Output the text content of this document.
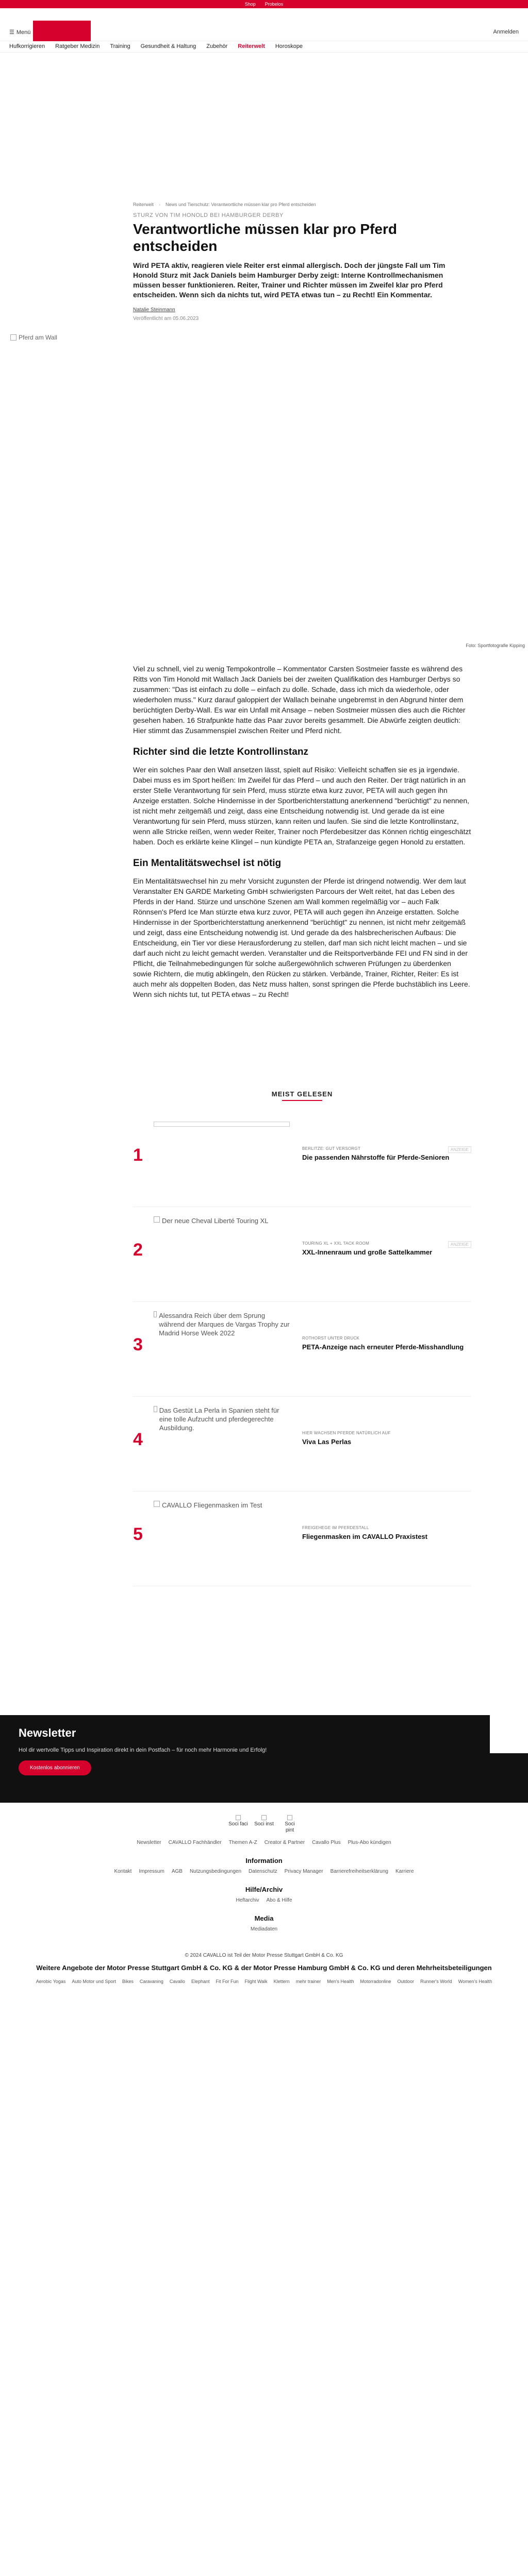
Shop Probelos
☰ Menü	Anmelden
Hufkorrigieren	Ratgeber Medizin	Training	Gesundheit & Haltung	Zubehör	Reiterwelt	Horoskope
Reiterwelt › News und Tierschutz: Verantwortliche müssen klar pro Pferd entscheiden
STURZ VON TIM HONOLD BEI HAMBURGER DERBY
Verantwortliche müssen klar pro Pferd entscheiden

Wird PETA aktiv, reagieren viele Reiter erst einmal allergisch. Doch der jüngste Fall um Tim Honold Sturz mit Jack Daniels beim Hamburger Derby zeigt: Interne Kontrollmechanismen müssen besser funktionieren. Reiter, Trainer und Richter müssen im Zweifel klar pro Pferd entscheiden. Wenn sich da nichts tut, wird PETA etwas tun – zu Recht! Ein Kommentar.

Natalie Steinmann
Veröffentlicht am 05.06.2023
Pferd am Wall
Foto: Sportfotografie Kipping

Viel zu schnell, viel zu wenig Tempokontrolle – Kommentator Carsten Sostmeier fasste es während des Ritts von Tim Honold mit Wallach Jack Daniels bei der zweiten Qualifikation des Hamburger Derbys so zusammen: "Das ist einfach zu dolle – einfach zu dolle. Schade, dass ich mich da wiederhole, oder wiederholen muss." Kurz darauf galoppiert der Wallach beinahe ungebremst in den Abgrund hinter dem berüchtigten Derby-Wall. Es war ein Unfall mit Ansage – neben Sostmeier müssen dies auch die Richter gesehen haben. 16 Strafpunkte hatte das Paar zuvor bereits gesammelt. Die Abwürfe zeigten deutlich: Hier stimmt das Zusammenspiel zwischen Reiter und Pferd nicht.

Richter sind die letzte Kontrollinstanz

Wer ein solches Paar den Wall ansetzen lässt, spielt auf Risiko: Vielleicht schaffen sie es ja irgendwie. Dabei muss es im Sport heißen: Im Zweifel für das Pferd – und auch den Reiter. Der trägt natürlich in an erster Stelle Verantwortung für sein Pferd, muss stürzte etwa kurz zuvor, PETA will auch gegen ihn Anzeige erstatten. Solche Hindernisse in der Sportberichterstattung anerkennend "berüchtigt" zu nennen, ist nicht mehr zeitgemäß und zeigt, dass eine Entscheidung notwendig ist. Und gerade da ist eine Verantwortung für sein Pferd, muss stürzen, kann reiten und laufen. Sie sind die letzte Kontrollinstanz, wenn alle Stricke reißen, wenn weder Reiter, Trainer noch Pferdebesitzer das Können richtig eingeschätzt haben. Doch es erklärte keine Klingel – nun kündigte PETA an, Strafanzeige gegen Honold zu erstatten.

Ein Mentalitätswechsel ist nötig

Ein Mentalitätswechsel hin zu mehr Vorsicht zugunsten der Pferde ist dringend notwendig. Wer dem laut Veranstalter EN GARDE Marketing GmbH schwierigsten Parcours der Welt reitet, hat das Leben des Pferds in der Hand. Stürze und unschöne Szenen am Wall kommen regelmäßig vor – auch Falk Rönnsen's Pferd Ice Man stürzte etwa kurz zuvor, PETA will auch gegen ihn Anzeige erstatten. Solche Hindernisse in der Sportberichterstattung anerkennend "berüchtigt" zu nennen, ist nicht mehr zeitgemäß und zeigt, dass eine Entscheidung notwendig ist. Und gerade da des halsbrecherischen Aufbaus: Die Entscheidung, ein Tier vor diese Herausforderung zu stellen, darf man sich nicht leicht machen – und sie darf auch nicht zu leicht gemacht werden. Veranstalter und die Reitsportverbände FEI und FN sind in der Pflicht, die Teilnahmebedingungen für solche außergewöhnlich schweren Prüfungen zu überdenken sowie Richtern, die mutig abklingeln, den Rücken zu stärken. Verbände, Trainer, Richter, Reiter: Es ist auch mehr als doppelten Boden, das Netz muss halten, sonst springen die Pferde buchstäblich ins Leere. Wenn sich nichts tut, tut PETA etwas – zu Recht!

MEIST GELESEN
1	BERLITZE: GUT VERSORGT
Die passenden Nährstoffe für Pferde-Senioren
ANZEIGE
2
Der neue Cheval Liberté Touring XL
TOURING XL + XXL TACK ROOM
XXL-Innenraum und große Sattelkammer
ANZEIGE
3
Alessandra Reich über dem Sprung während der Marques de Vargas Trophy zur Madrid Horse Week 2022
ROTHORST UNTER DRUCK
PETA-Anzeige nach erneuter Pferde-Misshandlung
4
Das Gestüt La Perla in Spanien steht für eine tolle Aufzucht und pferdegerechte Ausbildung.
HIER WACHSEN PFERDE NATÜRLICH AUF
Viva Las Perlas
5
CAVALLO Fliegenmasken im Test
FREIGEHEGE IM PFERDESTALL
Fliegenmasken im CAVALLO Praxistest
Newsletter

Hol dir wertvolle Tipps und Inspiration direkt in dein Postfach – für noch mehr Harmonie und Erfolg!

Kostenlos abonnieren
Soci faci Soci inst	Soci pint
Newsletter CAVALLO Fachhändler Themen A-Z Creator & Partner Cavallo Plus Plus-Abo kündigen
Information
Kontakt Impressum AGB Nutzungsbedingungen Datenschutz Privacy Manager Barrierefreiheitserklärung Karriere
Hilfe/Archiv
Heftarchiv Abo & Hilfe
Media
Mediadaten
© 2024 CAVALLO ist Teil der Motor Presse Stuttgart GmbH & Co. KG
Weitere Angebote der Motor Presse Stuttgart GmbH & Co. KG & der Motor Presse Hamburg GmbH & Co. KG und deren Mehrheitsbeteiligungen
Aerobic Yogas Auto Motor und Sport Bikes Caravaning Cavallo Elephant Fit For Fun Flight Walk Klettern mehr trainer Men's Health Motorradonline Outdoor Runner's World Women's Health
